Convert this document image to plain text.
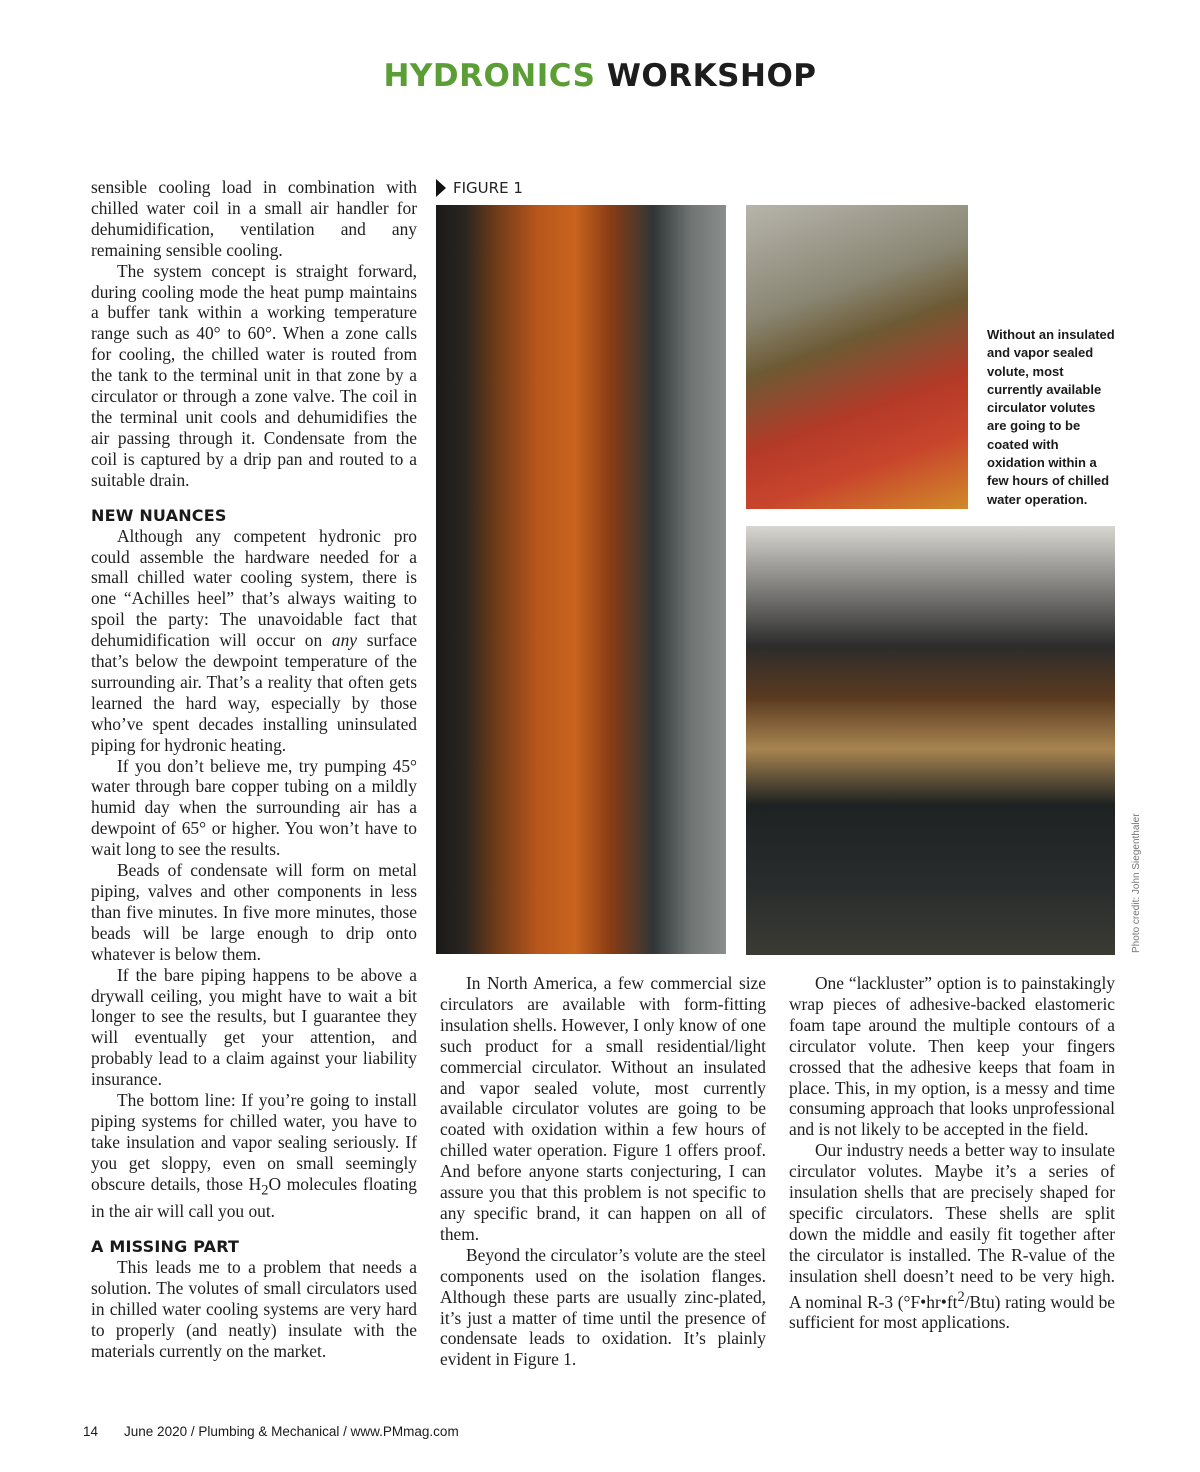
HYDRONICS WORKSHOP

sensible cooling load in combination with chilled water coil in a small air handler for dehumidification, ventilation and any remaining sensible cooling.

The system concept is straight forward, during cooling mode the heat pump maintains a buffer tank within a working temperature range such as 40° to 60°. When a zone calls for cooling, the chilled water is routed from the tank to the terminal unit in that zone by a circulator or through a zone valve. The coil in the terminal unit cools and dehumidifies the air passing through it. Condensate from the coil is captured by a drip pan and routed to a suitable drain.

NEW NUANCES

Although any competent hydronic pro could assemble the hardware needed for a small chilled water cooling system, there is one “Achilles heel” that’s always waiting to spoil the party: The unavoidable fact that dehumidification will occur on any surface that’s below the dewpoint temperature of the surrounding air. That’s a reality that often gets learned the hard way, especially by those who’ve spent decades installing uninsulated piping for hydronic heating.

If you don’t believe me, try pumping 45° water through bare copper tubing on a mildly humid day when the surrounding air has a dewpoint of 65° or higher. You won’t have to wait long to see the results.

Beads of condensate will form on metal piping, valves and other components in less than five minutes. In five more minutes, those beads will be large enough to drip onto whatever is below them.

If the bare piping happens to be above a drywall ceiling, you might have to wait a bit longer to see the results, but I guarantee they will eventually get your attention, and probably lead to a claim against your liability insurance.

The bottom line: If you’re going to install piping systems for chilled water, you have to take insulation and vapor sealing seriously. If you get sloppy, even on small seemingly obscure details, those $H_2O$ molecules floating in the air will call you out.

A MISSING PART

This leads me to a problem that needs a solution. The volutes of small circulators used in chilled water cooling systems are very hard to properly (and neatly) insulate with the materials currently on the market.

FIGURE 1
Without an insulated and vapor sealed volute, most currently available circulator volutes are going to be coated with oxidation within a few hours of chilled water operation.
Photo credit: John Siegenthaler

In North America, a few commercial size circulators are available with form-fitting insulation shells. However, I only know of one such product for a small residential/light commercial circulator. Without an insulated and vapor sealed volute, most currently available circulator volutes are going to be coated with oxidation within a few hours of chilled water operation. Figure 1 offers proof. And before anyone starts conjecturing, I can assure you that this problem is not specific to any specific brand, it can happen on all of them.

Beyond the circulator’s volute are the steel components used on the isolation flanges. Although these parts are usually zinc-plated, it’s just a matter of time until the presence of condensate leads to oxidation. It’s plainly evident in Figure 1.

One “lackluster” option is to painstakingly wrap pieces of adhesive-backed elastomeric foam tape around the multiple contours of a circulator volute. Then keep your fingers crossed that the adhesive keeps that foam in place. This, in my option, is a messy and time consuming approach that looks unprofessional and is not likely to be accepted in the field.

Our industry needs a better way to insulate circulator volutes. Maybe it’s a series of insulation shells that are precisely shaped for specific circulators. These shells are split down the middle and easily fit together after the circulator is installed. The R-value of the insulation shell doesn’t need to be very high. A nominal R-3 $(^\circ F•hr•ft^2/Btu)$ rating would be sufficient for most applications.

14 June 2020 / Plumbing & Mechanical / www.PMmag.com
